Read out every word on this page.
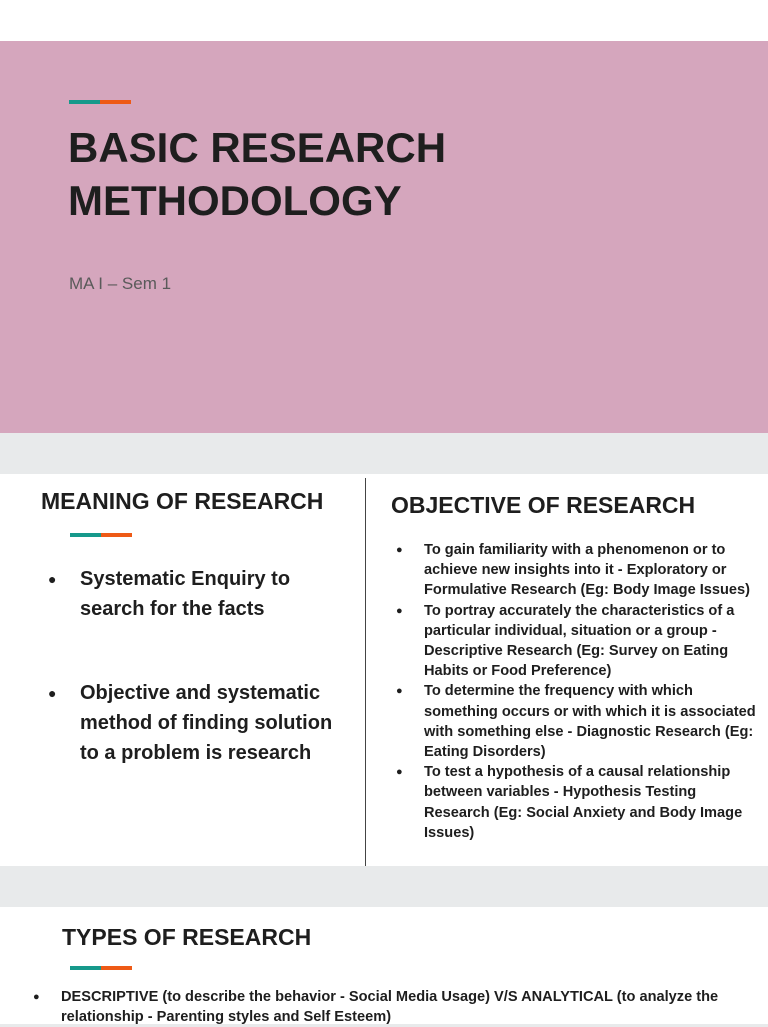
BASIC RESEARCH
METHODOLOGY
MA I – Sem 1
MEANING OF RESEARCH
● Systematic Enquiry to search for the facts
● Objective and systematic method of finding solution to a problem is research
OBJECTIVE OF RESEARCH
● To gain familiarity with a phenomenon or to achieve new insights into it - Exploratory or Formulative Research (Eg: Body Image Issues)
● To portray accurately the characteristics of a particular individual, situation or a group - Descriptive Research (Eg: Survey on Eating Habits or Food Preference)
● To determine the frequency with which something occurs or with which it is associated with something else - Diagnostic Research (Eg: Eating Disorders)
● To test a hypothesis of a causal relationship between variables - Hypothesis Testing Research (Eg: Social Anxiety and Body Image Issues)
TYPES OF RESEARCH
● DESCRIPTIVE (to describe the behavior - Social Media Usage) V/S ANALYTICAL (to analyze the relationship - Parenting styles and Self Esteem)
